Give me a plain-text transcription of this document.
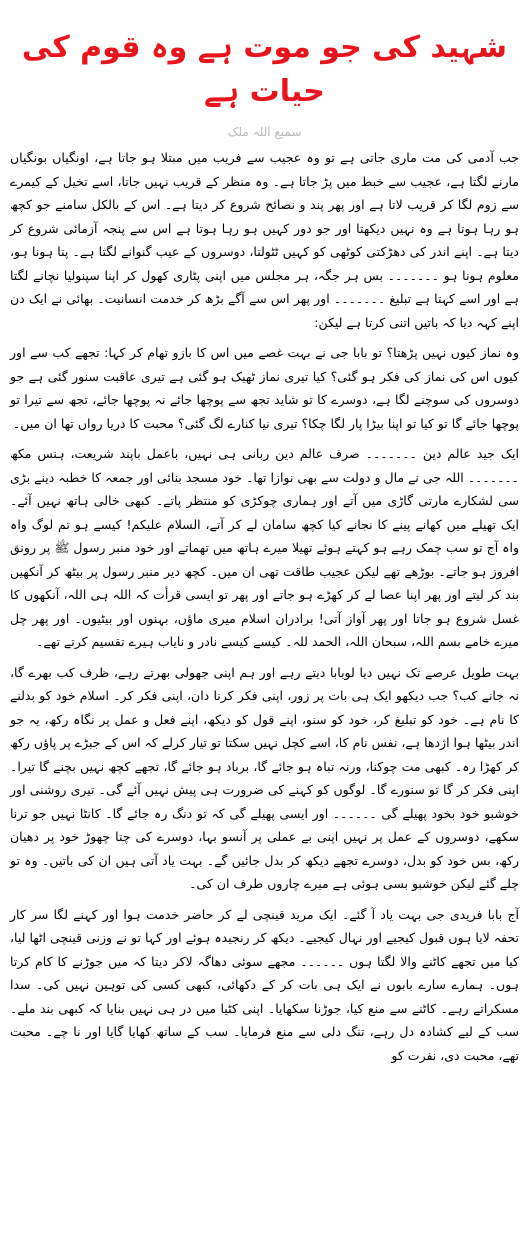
شہید کی جو موت ہے وہ قوم کی حیات ہے
سمیع اللہ ملک

جب آدمی کی مت ماری جاتی ہے تو وہ عجیب سے فریب میں مبتلا ہو جاتا ہے، اونگیاں بونگیاں مارنے لگتا ہے، عجیب سے خبط میں پڑ جاتا ہے۔ وہ منظر کے قریب نہیں جاتا، اسے تخیل کے کیمرے سے زوم لگا کر قریب لاتا ہے اور پھر پند و نصائح شروع کر دیتا ہے۔ اس کے بالکل سامنے جو کچھ ہو رہا ہوتا ہے وہ نہیں دیکھتا اور جو دور کہیں ہو رہا ہوتا ہے اس سے پنجہ آزمائی شروع کر دیتا ہے۔ اپنے اندر کی دھڑکتی کوٹھی کو کہیں ٹٹولتا، دوسروں کے عیب گنوانے لگتا ہے۔ پتا ہونا ہو، معلوم ہونا ہو ۔۔۔۔۔۔۔ بس ہر جگہ، ہر مجلس میں اپنی پٹاری کھول کر اپنا سپنولیا نچانے لگتا ہے اور اسے کہتا ہے تبلیغ ۔۔۔۔۔۔۔ اور پھر اس سے آگے بڑھ کر خدمت انسانیت۔ بھائی نے ایک دن اپنے کہہ دیا کہ باتیں اتنی کرتا ہے لیکن:

وہ نماز کیوں نہیں پڑھتا؟ تو بابا جی نے بہت غصے میں اس کا بازو تھام کر کہا: تجھے کب سے اور کیوں اس کی نماز کی فکر ہو گئی؟ کیا تیری نماز ٹھیک ہو گئی ہے تیری عاقبت سنور گئی ہے جو دوسروں کی سوچنے لگا ہے، دوسرے کا تو شاید تجھ سے پوچھا جائے نہ پوچھا جائے، تجھ سے تیرا تو پوچھا جائے گا تو کیا تو اپنا بیڑا پار لگا چکا؟ تیری نیا کنارے لگ گئی؟ محبت کا دریا رواں تھا ان میں۔

ایک جید عالم دین ۔۔۔۔۔۔۔ صرف عالم دین ربانی ہی نہیں، باعمل باپند شریعت، ہنس مکھ ۔۔۔۔۔۔۔ اللہ جی نے مال و دولت سے بھی نوازا تھا۔ خود مسجد بنائی اور جمعہ کا خطبہ دینے بڑی سی لشکارے مارتی گاڑی میں آتے اور ہماری چوکڑی کو منتظر پاتے۔ کبھی خالی ہاتھ نہیں آئے۔ ایک تھیلے میں کھانے پینے کا نجانے کیا کچھ سامان لے کر آتے، السلام علیکم! کیسے ہو تم لوگ واہ واہ آج تو سب چمک رہے ہو کہتے ہوئے تھیلا میرے ہاتھ میں تھماتے اور خود منبر رسول ﷺ پر رونق افروز ہو جاتے۔ بوڑھے تھے لیکن عجیب طاقت تھی ان میں۔ کچھ دیر منبر رسول پر بیٹھ کر آنکھیں بند کر لیتے اور پھر اپنا عصا لے کر کھڑے ہو جاتے اور پھر تو ایسی قرأت کہ اللہ ہی اللہ، آنکھوں کا غسل شروع ہو جاتا اور پھر آواز آتی! برادران اسلام میری ماؤں، بہنوں اور بیٹیوں۔ اور پھر چل میرے خامے بسم اللہ، سبحان اللہ، الحمد للہ۔ کیسے کیسے نادر و نایاب ہیرے تقسیم کرتے تھے۔

بہت طویل عرصے تک نہیں دیا لوبابا دیتے رہے اور ہم اپنی جھولی بھرتے رہے، ظرف کب بھرے گا، نہ جانے کب؟ جب دیکھو ایک ہی بات پر زور، اپنی فکر کرنا دان، اپنی فکر کر۔ اسلام خود کو بدلنے کا نام ہے۔ خود کو تبلیغ کر، خود کو سنو، اپنے قول کو دیکھ، اپنے فعل و عمل پر نگاہ رکھ، یہ جو اندر بیٹھا ہوا اژدھا ہے، نفس نام کا، اسے کچل نہیں سکتا تو تیار کرلے کہ اس کے جبڑے پر پاؤں رکھ کر کھڑا رہ۔ کبھی مت چوکنا، ورنہ تباہ ہو جائے گا، برباد ہو جائے گا، تجھے کچھ نہیں بچنے گا تیرا۔ اپنی فکر کر گا تو سنورے گا۔ لوگوں کو کہنے کی ضرورت ہی پیش نہیں آئے گی۔ تیری روشنی اور خوشبو خود بخود پھیلے گی ۔۔۔۔۔۔ اور ایسی پھیلے گی کہ تو دنگ رہ جائے گا۔ کانٹا نہیں جو ترنا سکھے، دوسروں کے عمل پر نہیں اپنی بے عملی پر آنسو بہا، دوسرے کی چتا چھوڑ خود پر دھیان رکھ، بس خود کو بدل، دوسرے تجھے دیکھ کر بدل جائیں گے۔ بہت یاد آتی ہیں ان کی باتیں۔ وہ تو چلے گئے لیکن خوشبو بسی ہوئی ہے میرے چاروں طرف ان کی۔

آج بابا فریدی جی بہت یاد آ گئے۔ ایک مرید قینچی لے کر حاضر خدمت ہوا اور کہنے لگا سر کار تحفہ لایا ہوں قبول کیجیے اور نہال کیجیے۔ دیکھ کر رنجیدہ ہوئے اور کہا تو نے وزنی قینچی اٹھا لیا، کیا میں تجھے کاٹنے والا لگتا ہوں ۔۔۔۔۔۔ مجھے سوئی دھاگہ لاکر دیتا کہ میں جوڑنے کا کام کرتا ہوں۔ ہمارے سارے بابوں نے ایک ہی بات کر کے دکھائی، کبھی کسی کی توہین نہیں کی۔ سدا مسکراتے رہے۔ کاٹنے سے منع کیا، جوڑنا سکھایا۔ اپنی کٹیا میں در ہی نہیں بنایا کہ کبھی بند ملے۔ سب کے لیے کشادہ دل رہے، تنگ دلی سے منع فرمایا۔ سب کے ساتھ کھایا گایا اور نا چے۔ محبت تھے، محبت دی، نفرت کو
